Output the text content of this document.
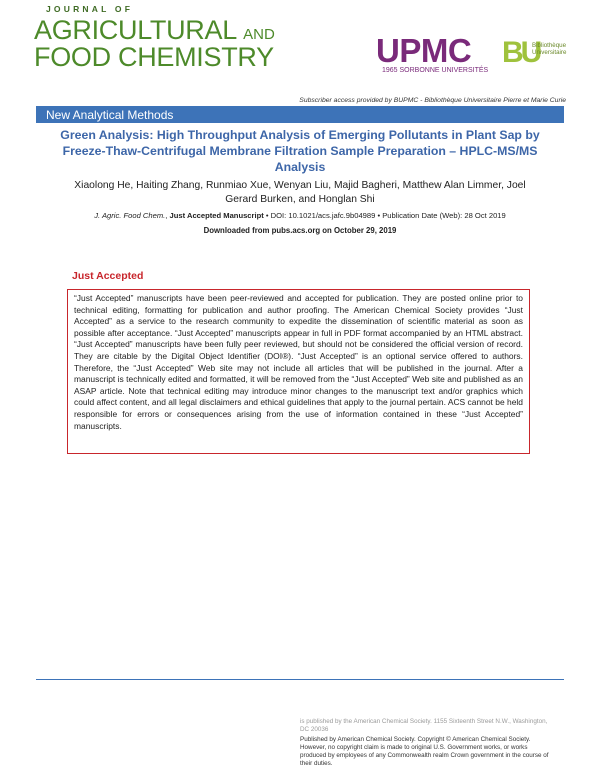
JOURNAL OF
AGRICULTURAL AND
FOOD CHEMISTRY	UPMC
1965 SORBONNE UNIVERSITÉS
BU
Bibliothèque Universitaire
Subscriber access provided by BUPMC - Bibliothèque Universitaire Pierre et Marie Curie
New Analytical Methods
Green Analysis: High Throughput Analysis of Emerging Pollutants in Plant Sap by Freeze-Thaw-Centrifugal Membrane Filtration Sample Preparation – HPLC-MS/MS Analysis
Xiaolong He, Haiting Zhang, Runmiao Xue, Wenyan Liu, Majid Bagheri, Matthew Alan Limmer, Joel Gerard Burken, and Honglan Shi
J. Agric. Food Chem., Just Accepted Manuscript • DOI: 10.1021/acs.jafc.9b04989 • Publication Date (Web): 28 Oct 2019
Downloaded from pubs.acs.org on October 29, 2019
Just Accepted

“Just Accepted” manuscripts have been peer-reviewed and accepted for publication. They are posted online prior to technical editing, formatting for publication and author proofing. The American Chemical Society provides “Just Accepted” as a service to the research community to expedite the dissemination of scientific material as soon as possible after acceptance. “Just Accepted” manuscripts appear in full in PDF format accompanied by an HTML abstract. “Just Accepted” manuscripts have been fully peer reviewed, but should not be considered the official version of record. They are citable by the Digital Object Identifier (DOI®). “Just Accepted” is an optional service offered to authors. Therefore, the “Just Accepted” Web site may not include all articles that will be published in the journal. After a manuscript is technically edited and formatted, it will be removed from the “Just Accepted” Web site and published as an ASAP article. Note that technical editing may introduce minor changes to the manuscript text and/or graphics which could affect content, and all legal disclaimers and ethical guidelines that apply to the journal pertain. ACS cannot be held responsible for errors or consequences arising from the use of information contained in these “Just Accepted” manuscripts.

is published by the American Chemical Society. 1155 Sixteenth Street N.W., Washington, DC 20036
Published by American Chemical Society. Copyright © American Chemical Society. However, no copyright claim is made to original U.S. Government works, or works produced by employees of any Commonwealth realm Crown government in the course of their duties.
